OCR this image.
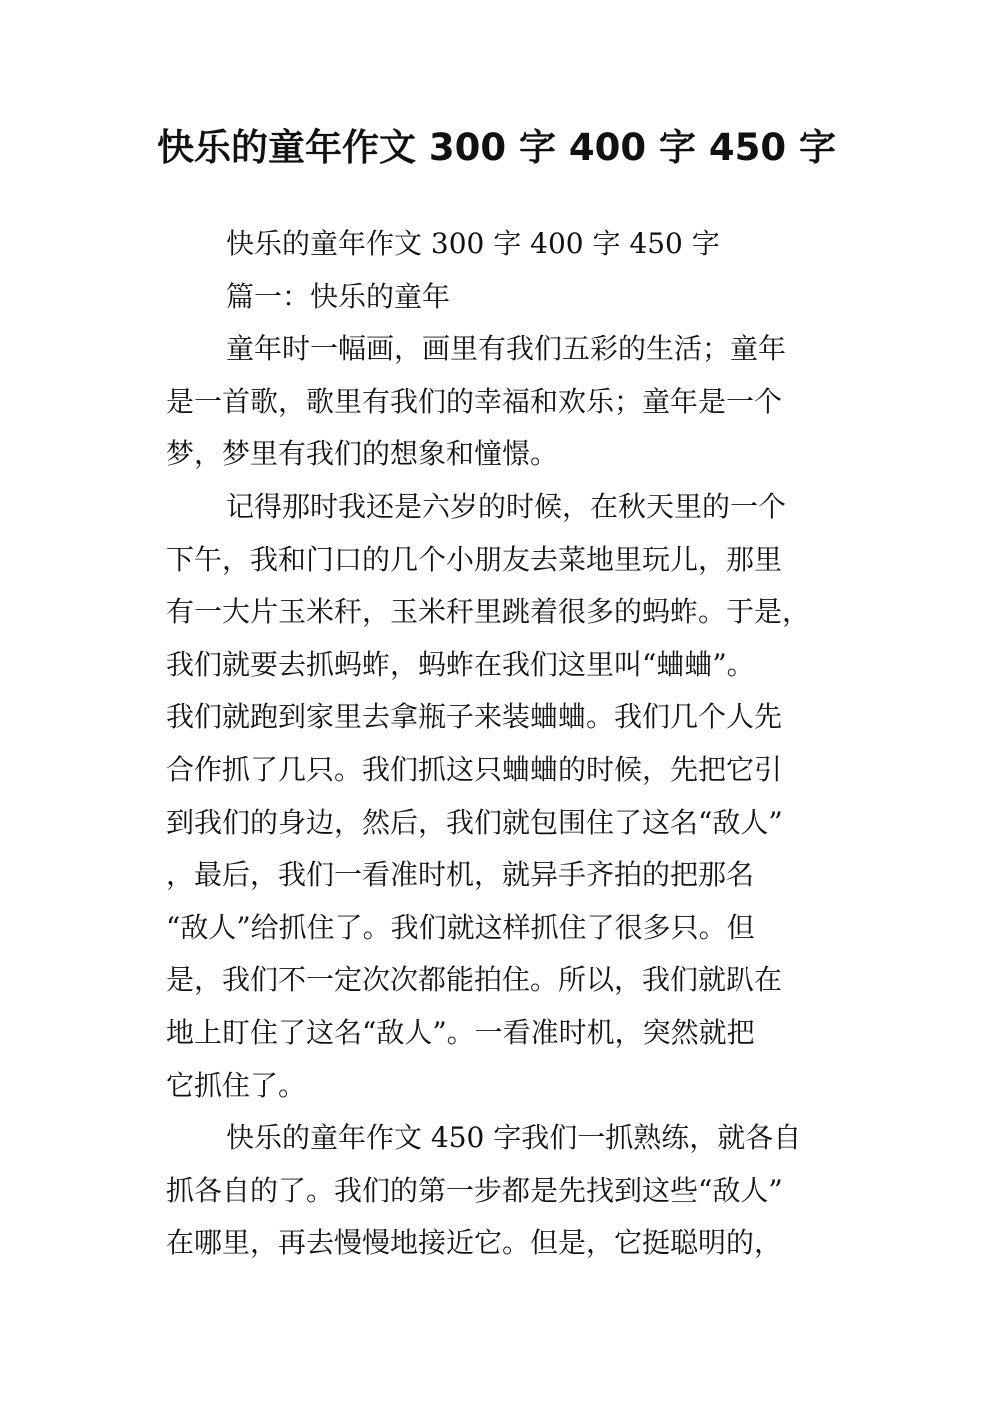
快乐的童年作文 300 字 400 字 450 字
快乐的童年作文 300 字 400 字 450 字
篇一：快乐的童年
童年时一幅画，画里有我们五彩的生活；童年
是一首歌，歌里有我们的幸福和欢乐；童年是一个
梦，梦里有我们的想象和憧憬。
记得那时我还是六岁的时候，在秋天里的一个
下午，我和门口的几个小朋友去菜地里玩儿，那里
有一大片玉米秆，玉米秆里跳着很多的蚂蚱。于是，
我们就要去抓蚂蚱，蚂蚱在我们这里叫“蛐蛐”。
我们就跑到家里去拿瓶子来装蛐蛐。我们几个人先
合作抓了几只。我们抓这只蛐蛐的时候，先把它引
到我们的身边，然后，我们就包围住了这名“敌人”
，最后，我们一看准时机，就异手齐拍的把那名
“敌人”给抓住了。我们就这样抓住了很多只。但
是，我们不一定次次都能拍住。所以，我们就趴在
地上盯住了这名“敌人”。一看准时机，突然就把
它抓住了。
快乐的童年作文 450 字我们一抓熟练，就各自
抓各自的了。我们的第一步都是先找到这些“敌人”
在哪里，再去慢慢地接近它。但是，它挺聪明的，
